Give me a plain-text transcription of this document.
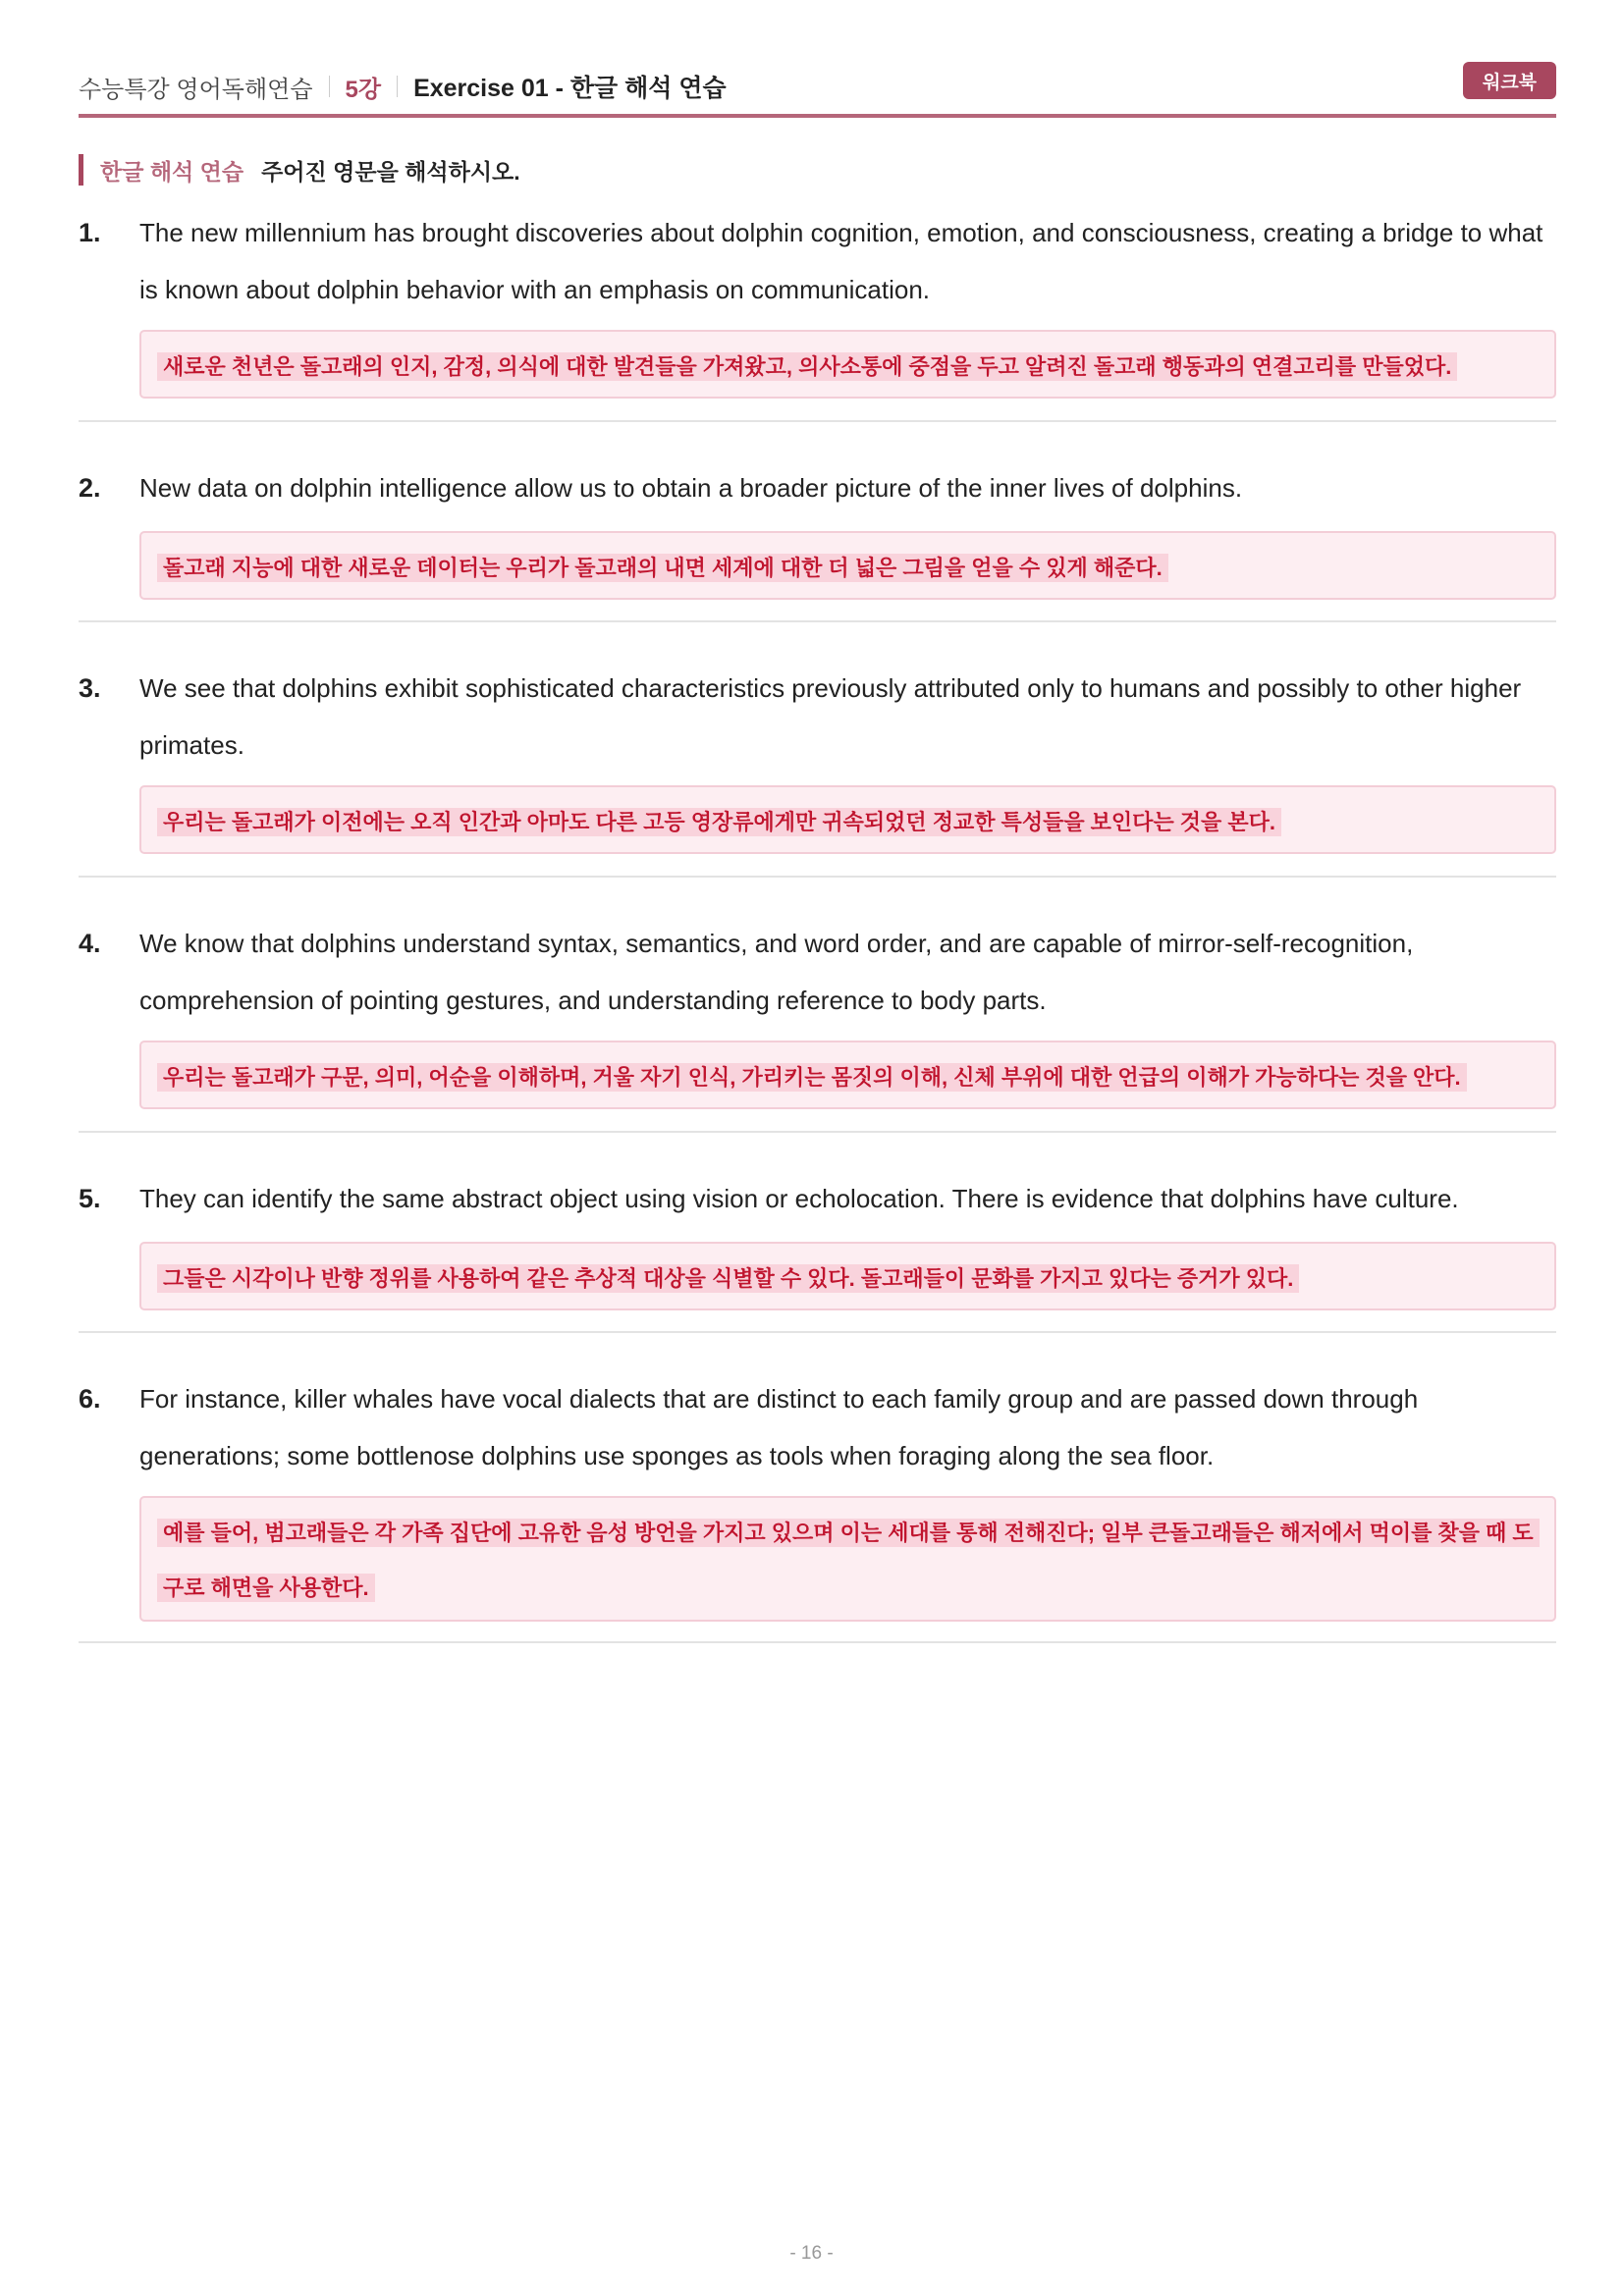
수능특강 영어독해연습 5강 Exercise 01 - 한글 해석 연습	워크북
한글 해석 연습 주어진 영문을 해석하시오.
1. The new millennium has brought discoveries about dolphin cognition, emotion, and consciousness, creating a bridge to what is known about dolphin behavior with an emphasis on communication.
새로운 천년은 돌고래의 인지, 감정, 의식에 대한 발견들을 가져왔고, 의사소통에 중점을 두고 알려진 돌고래 행동과의 연결고리를 만들었다.
2. New data on dolphin intelligence allow us to obtain a broader picture of the inner lives of dolphins.
돌고래 지능에 대한 새로운 데이터는 우리가 돌고래의 내면 세계에 대한 더 넓은 그림을 얻을 수 있게 해준다.
3. We see that dolphins exhibit sophisticated characteristics previously attributed only to humans and possibly to other higher primates.
우리는 돌고래가 이전에는 오직 인간과 아마도 다른 고등 영장류에게만 귀속되었던 정교한 특성들을 보인다는 것을 본다.
4. We know that dolphins understand syntax, semantics, and word order, and are capable of mirror-self-recognition, comprehension of pointing gestures, and understanding reference to body parts.
우리는 돌고래가 구문, 의미, 어순을 이해하며, 거울 자기 인식, 가리키는 몸짓의 이해, 신체 부위에 대한 언급의 이해가 가능하다는 것을 안다.
5. They can identify the same abstract object using vision or echolocation. There is evidence that dolphins have culture.
그들은 시각이나 반향 정위를 사용하여 같은 추상적 대상을 식별할 수 있다. 돌고래들이 문화를 가지고 있다는 증거가 있다.
6. For instance, killer whales have vocal dialects that are distinct to each family group and are passed down through generations; some bottlenose dolphins use sponges as tools when foraging along the sea floor.
예를 들어, 범고래들은 각 가족 집단에 고유한 음성 방언을 가지고 있으며 이는 세대를 통해 전해진다; 일부 큰돌고래들은 해저에서 먹이를 찾을 때 도구로 해면을 사용한다.
- 16 -
